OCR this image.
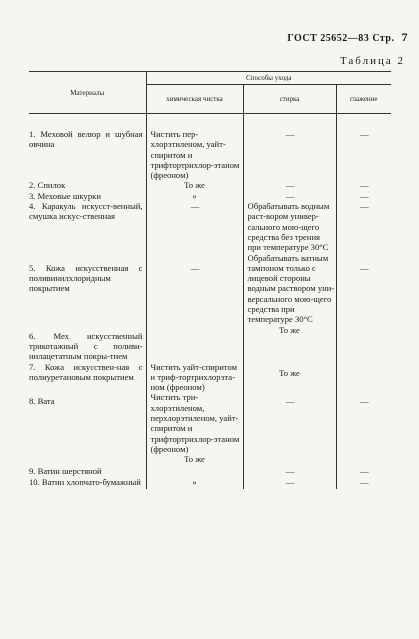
ГОСТ 25652—83 Стр. 7
Таблица 2
Материалы	Способы ухода		
	химическая чистка	стирка	глажение
1. Меховой велюр и шубная овчина	Чистить пер-хлорэтиленом, уайт-спиритом и трифтортрихлор-этаном (фреоном)	—	—
2. Спилок	То же	—	—
3. Меховые шкурки	»	—	—
4. Каракуль искусст-венный, смушка искус-ственная	—	Обрабатывать водным раст-вором универ-сального мою-щего средства без трения при температуре 30°С	—
5. Кожа искусственная с поливинилхлоридным покрытием	—	Обрабатывать ватным тампоном только с лицевой стороны водным раствором уни-версального мою-щего средства при температуре 30°С	—
6. Мех искусственный трикотажный с поливи-нилацетатным покры-тием		То же	
7. Кожа искусствен-ная с полиуретановым покрытием	Чистить уайт-спиритом и триф-тортрихлорэта-ном (фреоном)	То же	
8. Вата	Чистить три-хлорэтиленом, перхлорэтиленом, уайт-спиритом и трифтортрихлор-этаном (фреоном)	—	—
9. Ватин шерстяной	То же	—	—
10. Ватин хлопчато-бумажный	»	—	—
